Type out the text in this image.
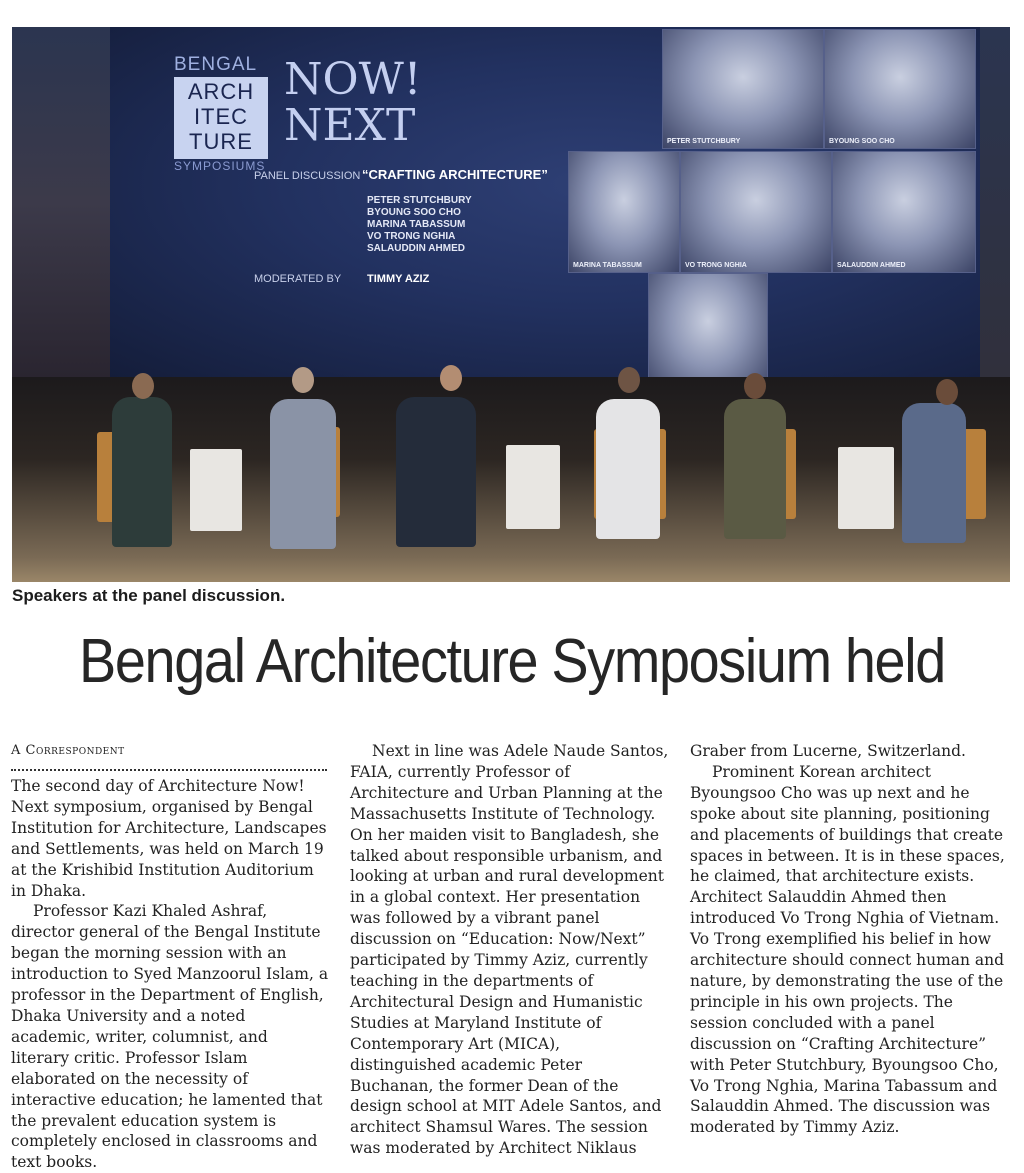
BENGAL
ARCH
ITEC
TURE
SYMPOSIUMS
NOW!
NEXT
PANEL DISCUSSION “CRAFTING ARCHITECTURE”
PETER STUTCHBURY
BYOUNG SOO CHO
MARINA TABASSUM
VO TRONG NGHIA
SALAUDDIN AHMED
MODERATED BY TIMMY AZIZ
PETER STUTCHBURY	BYOUNG SOO CHO
MARINA TABASSUM	VO TRONG NGHIA	SALAUDDIN AHMED
Speakers at the panel discussion.
Bengal Architecture Symposium held
A Correspondent

The second day of Architecture Now! Next symposium, organised by Bengal Institution for Architecture, Landscapes and Settlements, was held on March 19 at the Krishibid Institution Auditorium in Dhaka.

Professor Kazi Khaled Ashraf, director general of the Bengal Institute began the morning session with an introduction to Syed Manzoorul Islam, a professor in the Department of English, Dhaka University and a noted academic, writer, columnist, and literary critic. Professor Islam elaborated on the necessity of interactive education; he lamented that the prevalent education system is completely enclosed in classrooms and text books.

Next in line was Adele Naude Santos, FAIA, currently Professor of Architecture and Urban Planning at the Massachusetts Institute of Technology. On her maiden visit to Bangladesh, she talked about responsible urbanism, and looking at urban and rural development in a global context. Her presentation was followed by a vibrant panel discussion on “Education: Now/Next” participated by Timmy Aziz, currently teaching in the departments of Architectural Design and Humanistic Studies at Maryland Institute of Contemporary Art (MICA), distinguished academic Peter Buchanan, the former Dean of the design school at MIT Adele Santos, and architect Shamsul Wares. The session was moderated by Architect Niklaus

Graber from Lucerne, Switzerland.

Prominent Korean architect Byoungsoo Cho was up next and he spoke about site planning, positioning and placements of buildings that create spaces in between. It is in these spaces, he claimed, that architecture exists. Architect Salauddin Ahmed then introduced Vo Trong Nghia of Vietnam. Vo Trong exemplified his belief in how architecture should connect human and nature, by demonstrating the use of the principle in his own projects. The session concluded with a panel discussion on “Crafting Architecture” with Peter Stutchbury, Byoungsoo Cho, Vo Trong Nghia, Marina Tabassum and Salauddin Ahmed. The discussion was moderated by Timmy Aziz.
